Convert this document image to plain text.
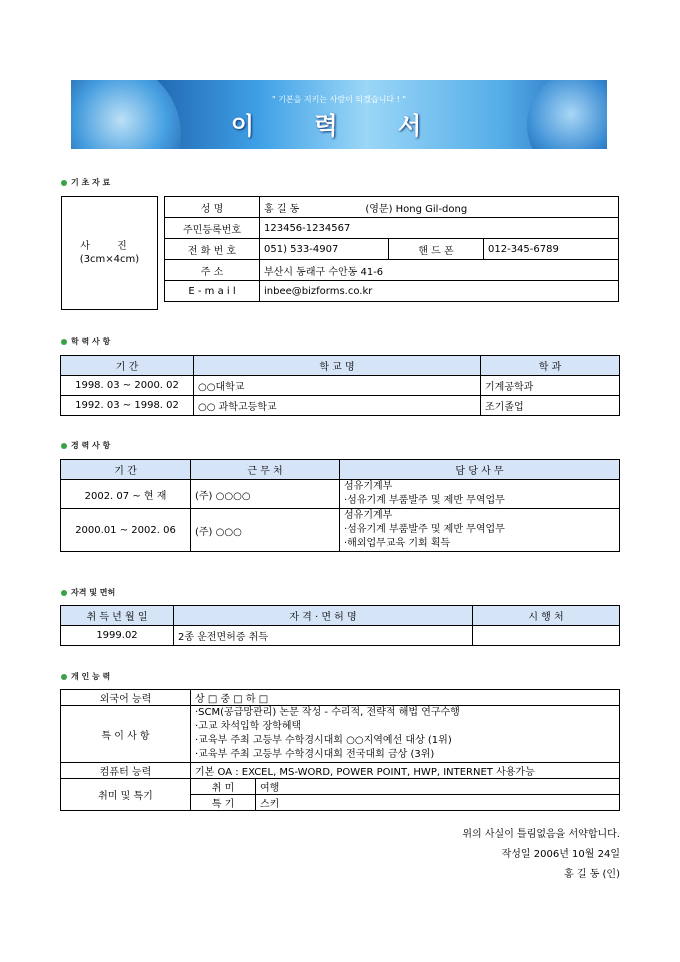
" 기본을 지키는 사람이 되겠습니다 ! "
이 력 서
기 초 자 료
사 진
(3cm×4cm)
성 명	홍 길 동 (영문) Hong Gil-dong		
주민등록번호	123456-1234567		
전 화 번 호	051) 533-4907	핸 드 폰	012-345-6789
주 소	부산시 동래구 수안동 41-6		
E - m a i l	inbee@bizforms.co.kr		
학 력 사 항
기 간	학 교 명	학 과
1998. 03 ~ 2000. 02	○○대학교	기계공학과
1992. 03 ~ 1998. 02	○○ 과학고등학교	조기졸업
경 력 사 항
기 간	근 무 처	담 당 사 무
2002. 07 ~ 현 재	(주) ○○○○	섬유기계부
·섬유기계 부품발주 및 제반 무역업무

2000.01 ~ 2002. 06	(주) ○○○	섬유기계부
·섬유기계 부품발주 및 제반 무역업무
·해외업무교육 기회 획득
자격 및 면허
취 득 년 월 일	자 격 · 면 허 명	시 행 처
1999.02	2종 운전면허증 취득	
개 인 능 력
외국어 능력	상 □ 중 □ 하 □	
특 이 사 항	·SCM(공급망관리) 논문 작성 - 수리적, 전략적 해법 연구수행
·고교 차석입학 장학혜택
·교육부 주최 고등부 수학경시대회 ○○지역예선 대상 (1위)
·교육부 주최 고등부 수학경시대회 전국대회 금상 (3위)	

컴퓨터 능력	기본 OA : EXCEL, MS-WORD, POWER POINT, HWP, INTERNET 사용가능	
취미 및 특기	취 미	여행
	특 기	스키
위의 사실이 틀림없음을 서약합니다.
작성일 2006년 10월 24일
홍 길 동 (인)
